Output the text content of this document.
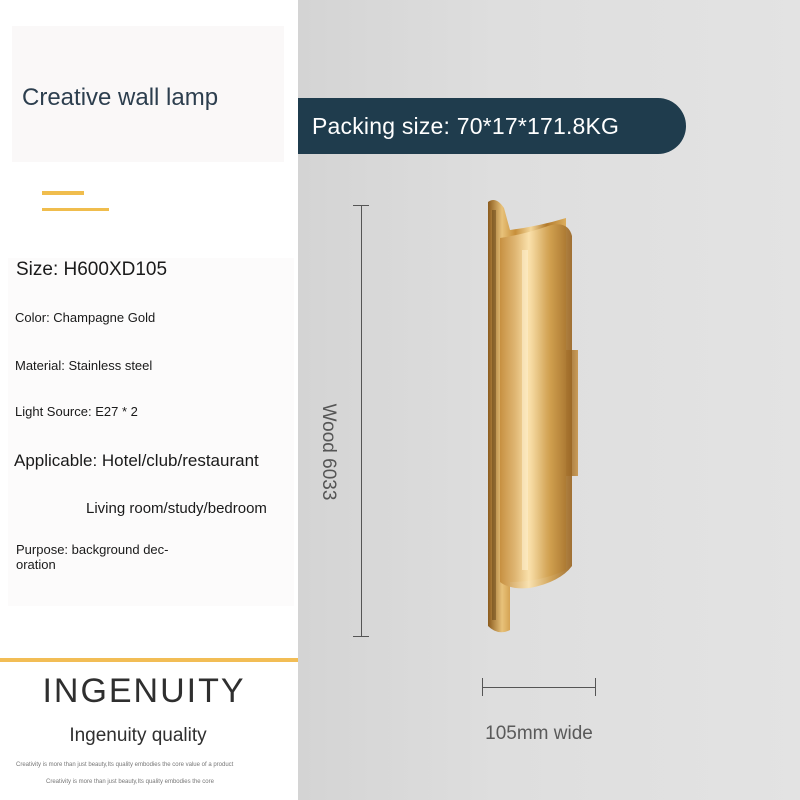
Creative wall lamp
Size: H600XD105
Color: Champagne Gold
Material: Stainless steel
Light Source: E27 * 2
Applicable: Hotel/club/restaurant
Living room/study/bedroom
Purpose: background dec-oration
INGENUITY
Ingenuity quality
Creativity is more than just beauty,Its quality embodies the core value of a product
Creativity is more than just beauty,Its quality embodies the core
Packing size: 70*17*171.8KG
Wood 6033
105mm wide
